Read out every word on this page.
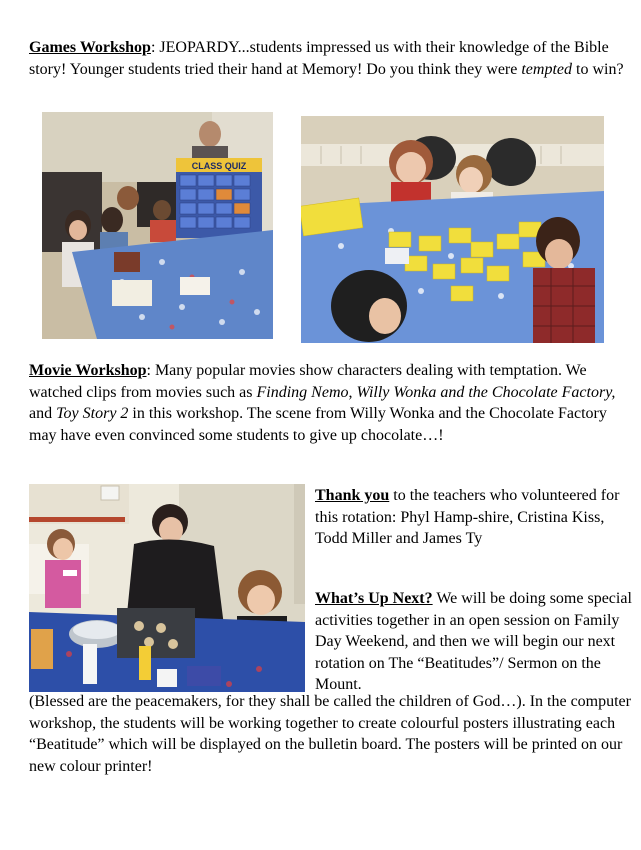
Games Workshop: JEOPARDY...students impressed us with their knowledge of the Bible story! Younger students tried their hand at Memory! Do you think they were tempted to win?
CLASS QUIZ
Movie Workshop: Many popular movies show characters dealing with temptation. We watched clips from movies such as Finding Nemo, Willy Wonka and the Chocolate Factory, and Toy Story 2 in this workshop. The scene from Willy Wonka and the Chocolate Factory may have even convinced some students to give up chocolate…!
Thank you to the teachers who volunteered for this rotation: Phyl Hamp-shire, Cristina Kiss, Todd Miller and James Ty
What’s Up Next? We will be doing some special activities together in an open session on Family Day Weekend, and then we will begin our next rotation on The “Beatitudes”/ Sermon on the Mount.
(Blessed are the peacemakers, for they shall be called the children of God…). In the computer workshop, the students will be working together to create colourful posters illustrating each “Beatitude” which will be displayed on the bulletin board. The posters will be printed on our new colour printer!
